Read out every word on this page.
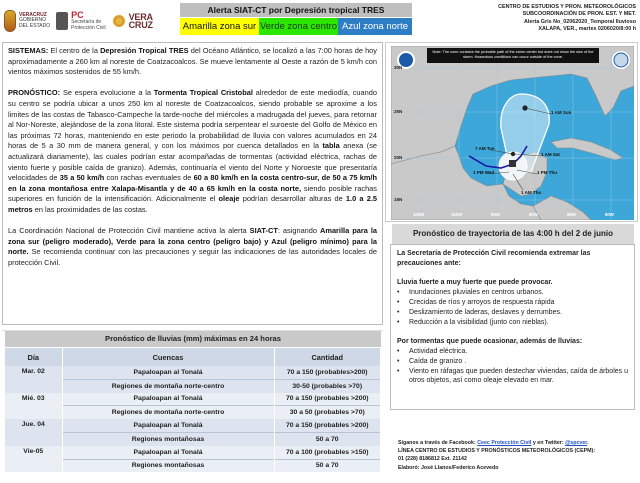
VERACRUZ
GOBIERNO
DEL ESTADO
PC
Secretaría de
Protección Civil
VERA
CRUZ
Alerta SIAT-CT por Depresión tropical TRES
Amarilla zona sur Verde zona centro Azul zona norte
CENTRO DE ESTUDIOS Y PRON. METEOROLÓGICOS
SUBCOORDINACIÓN DE PRON. EST. Y MET.
Alerta Gris No_02062020_Temporal lluvioso
XALAPA, VER., martes 0206020/8:00 h

SISTEMAS: El centro de la Depresión Tropical TRES del Océano Atlántico, se localizó a las 7:00 horas de hoy aproximadamente a 260 km al noreste de Coatzacoalcos. Se mueve lentamente al Oeste a razón de 5 km/h con vientos máximos sostenidos de 55 km/h.

PRONÓSTICO: Se espera evolucione a la Tormenta Tropical Cristobal alrededor de este mediodía, cuando su centro se podría ubicar a unos 250 km al noreste de Coatzacoalcos, siendo probable se aproxime a los limites de las costas de Tabasco-Campeche la tarde-noche del miércoles a madrugada del jueves, para retornar al Nor-Noreste, alejándose de la zona litoral. Este sistema podría serpentear el suroeste del Golfo de México en las próximas 72 horas, manteniendo en este periodo la probabilidad de lluvia con valores acumulados en 24 horas de 5 a 30 mm de manera general, y con los máximos por cuenca detallados en la tabla anexa (se actualizará diariamente), las cuales podrían estar acompañadas de tormentas (actividad eléctrica, rachas de viento fuerte y posible caída de granizo). Además, continuaría el viento del Norte y Noroeste que presentaría velocidades de 35 a 50 km/h con rachas eventuales de 60 a 80 km/h en la costa centro-sur, de 50 a 75 km/h en la zona montañosa entre Xalapa-Misantla y de 40 a 65 km/h en la costa norte, siendo posible rachas superiores en función de la intensificación. Adicionalmente el oleaje podrían desarrollar alturas de 1.0 a 2.5 metros en las proximidades de las costas.

La Coordinación Nacional de Protección Civil mantiene activa la alerta SIAT-CT: asignando Amarilla para la zona sur (peligro moderado), Verde para la zona centro (peligro bajo) y Azul (peligro mínimo) para la norte. Se recomienda continuar con las precauciones y seguir las indicaciones de las autoridades locales de protección Civil.

Pronóstico de lluvias (mm) máximas en 24 horas
Día	Cuencas	Cantidad
Mar. 02	Papaloapan al Tonalá	70 a 150 (probables>200)
	Regiones de montaña norte-centro	30-50 (probables >70)
Mié. 03	Papaloapan al Tonalá	70 a 150 (probables >200)
	Regiones de montaña norte-centro	30 a 50 (probables >70)
Jue. 04	Papaloapan al Tonalá	70 a 150 (probables >200)
	Regiones montañosas	50 a 70
Vie-05	Papaloapan al Tonalá	70 a 100 (probables >150)
	Regiones montañosas	50 a 70
Note: The cone contains the probable path of the storm center but does not show the size of the storm. Hazardous conditions can occur outside of the cone.
30N
25N
20N
15N
105W	100W	95W	90W	85W	80W
1 AM Sun
7 AM Tue
1 AM Sat
1 PM Wed	1 PM Thu
1 AM Thu
Pronóstico de trayectoria de las 4:00 h del 2 de junio
La Secretaría de Protección Civil recomienda extremar las precauciones ante:
Lluvia fuerte a muy fuerte que puede provocar.
• Inundaciones pluviales en centros urbanos.
• Crecidas de ríos y arroyos de respuesta rápida
• Deslizamiento de laderas, deslaves y derrumbes.
• Reducción a la visibilidad (junto con nieblas).
Por tormentas que puede ocasionar, además de lluvias:
• Actividad eléctrica.
• Caída de granizo .
• Viento en ráfagas que pueden destechar viviendas, caída de árboles u otros objetos, así como oleaje elevado en mar.
Síganos a través de Facebook: Ceec Protección Civil y en Twitter: @spcver.
LÍNEA CENTRO DE ESTUDIOS Y PRONÓSTICOS METEOROLÓGICOS (CEPM):
01 (228) 8186812 Ext. 21142
Elaboró: José Llanos/Federico Acevedo
